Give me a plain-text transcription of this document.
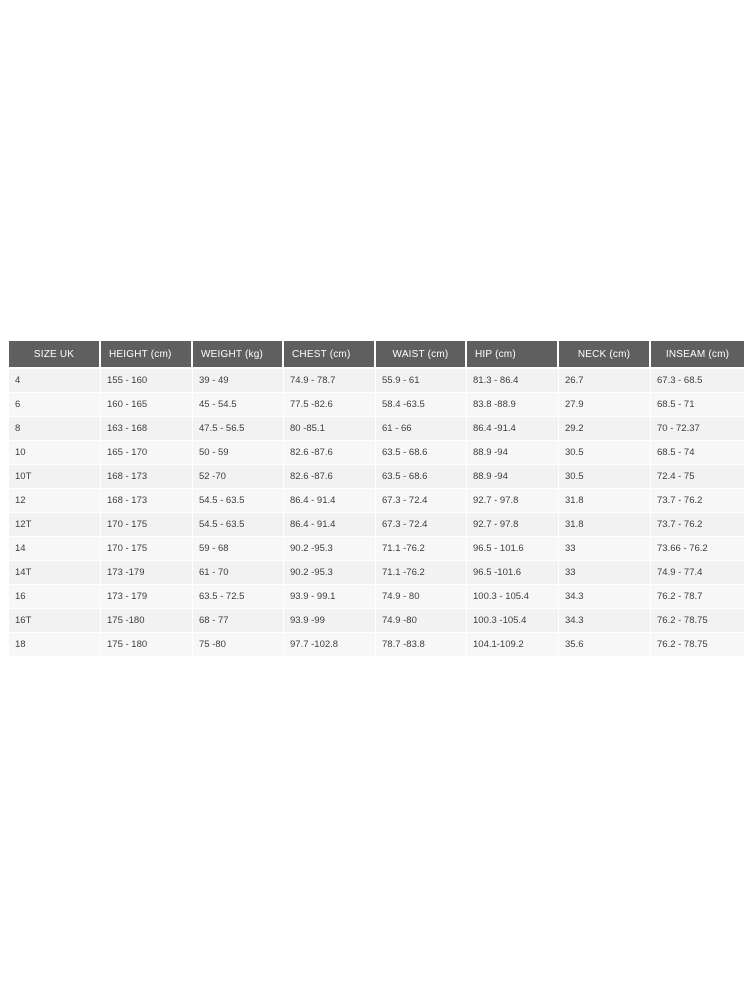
SIZE UK	HEIGHT (cm)	WEIGHT (kg)	CHEST (cm)	WAIST (cm)	HIP (cm)	NECK (cm)	INSEAM (cm)
4	155 - 160	39 - 49	74.9 - 78.7	55.9 - 61	81.3 - 86.4	26.7	67.3 - 68.5
6	160 - 165	45 - 54.5	77.5 -82.6	58.4 -63.5	83.8 -88.9	27.9	68.5 - 71
8	163 - 168	47.5 - 56.5	80 -85.1	61 - 66	86.4 -91.4	29.2	70 - 72.37
10	165 - 170	50 - 59	82.6 -87.6	63.5 - 68.6	88.9 -94	30.5	68.5 - 74
10T	168 - 173	52 -70	82.6 -87.6	63.5 - 68.6	88.9 -94	30.5	72.4 - 75
12	168 - 173	54.5 - 63.5	86.4 - 91.4	67.3 - 72.4	92.7 - 97.8	31.8	73.7 - 76.2
12T	170 - 175	54.5 - 63.5	86.4 - 91.4	67.3 - 72.4	92.7 - 97.8	31.8	73.7 - 76.2
14	170 - 175	59 - 68	90.2 -95.3	71.1 -76.2	96.5 - 101.6	33	73.66 - 76.2
14T	173 -179	61 - 70	90.2 -95.3	71.1 -76.2	96.5 -101.6	33	74.9 - 77.4
16	173 - 179	63.5 - 72.5	93.9 - 99.1	74.9 - 80	100.3 - 105.4	34.3	76.2 - 78.7
16T	175 -180	68 - 77	93.9 -99	74.9 -80	100.3 -105.4	34.3	76.2 - 78.75
18	175 - 180	75 -80	97.7 -102.8	78.7 -83.8	104.1-109.2	35.6	76.2 - 78.75
